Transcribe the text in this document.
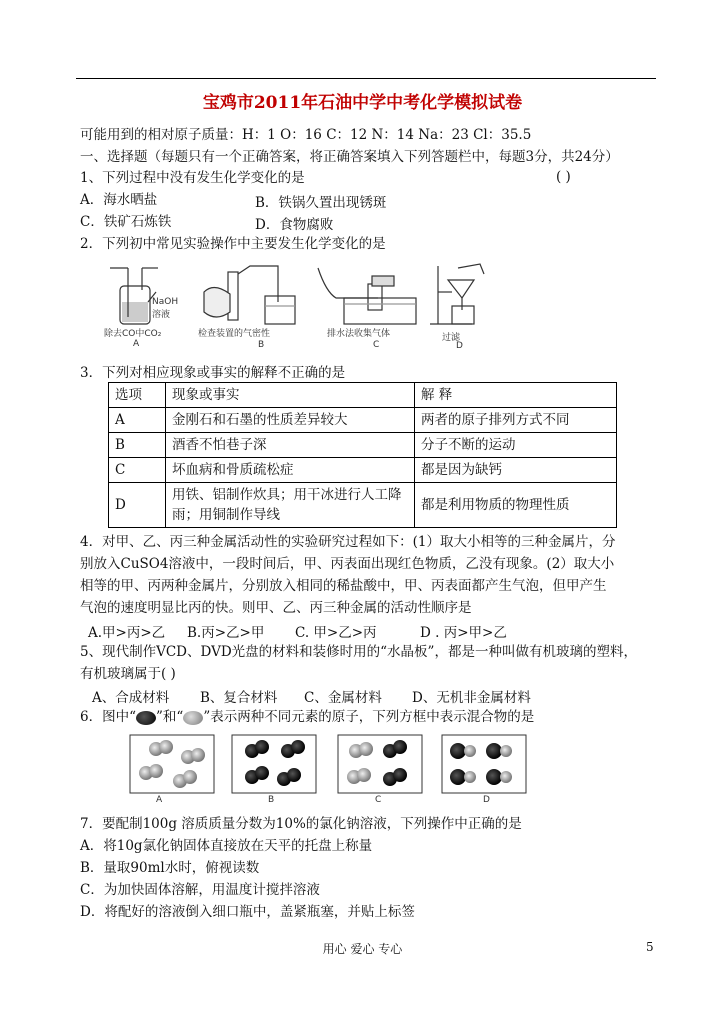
宝鸡市2011年石油中学中考化学模拟试卷
可能用到的相对原子质量：H：1 O：16 C：12 N：14 Na：23 Cl：35.5
一、选择题（每题只有一个正确答案，将正确答案填入下列答题栏中，每题3分，共24分）
1、下列过程中没有发生化学变化的是	( )
A．海水晒盐	B．铁锅久置出现锈斑
C．铁矿石炼铁	D．食物腐败
2．下列初中常见实验操作中主要发生化学变化的是
除去CO中CO₂
NaOH
溶液
检查装置的气密性	排水法收集气体	过滤
A	B	C	D
3．下列对相应现象或事实的解释不正确的是
选项	现象或事实	解 释
A	金刚石和石墨的性质差异较大	两者的原子排列方式不同
B	酒香不怕巷子深	分子不断的运动
C	坏血病和骨质疏松症	都是因为缺钙
D	用铁、铝制作炊具；用干冰进行人工降雨；用铜制作导线	都是利用物质的物理性质
4．对甲、乙、丙三种金属活动性的实验研究过程如下：(1）取大小相等的三种金属片，分
别放入CuSO4溶液中，一段时间后，甲、丙表面出现红色物质，乙没有现象。(2）取大小
相等的甲、丙两种金属片，分别放入相同的稀盐酸中，甲、丙表面都产生气泡，但甲产生
气泡的速度明显比丙的快。则甲、乙、丙三种金属的活动性顺序是
A.甲>丙>乙 B.丙>乙>甲 C. 甲>乙>丙	D . 丙>甲>乙
5、现代制作VCD、DVD光盘的材料和装修时用的“水晶板”，都是一种叫做有机玻璃的塑料，
有机玻璃属于( )
A、合成材料 B、复合材料 C、金属材料 D、无机非金属材料
6．图中“ ”和“ ”表示两种不同元素的原子，下列方框中表示混合物的是
A	B	C	D
7．要配制100g 溶质质量分数为10%的氯化钠溶液，下列操作中正确的是
A．将10g氯化钠固体直接放在天平的托盘上称量
B．量取90ml水时，俯视读数
C．为加快固体溶解，用温度计搅拌溶液
D．将配好的溶液倒入细口瓶中，盖紧瓶塞，并贴上标签
用心 爱心 专心	5
